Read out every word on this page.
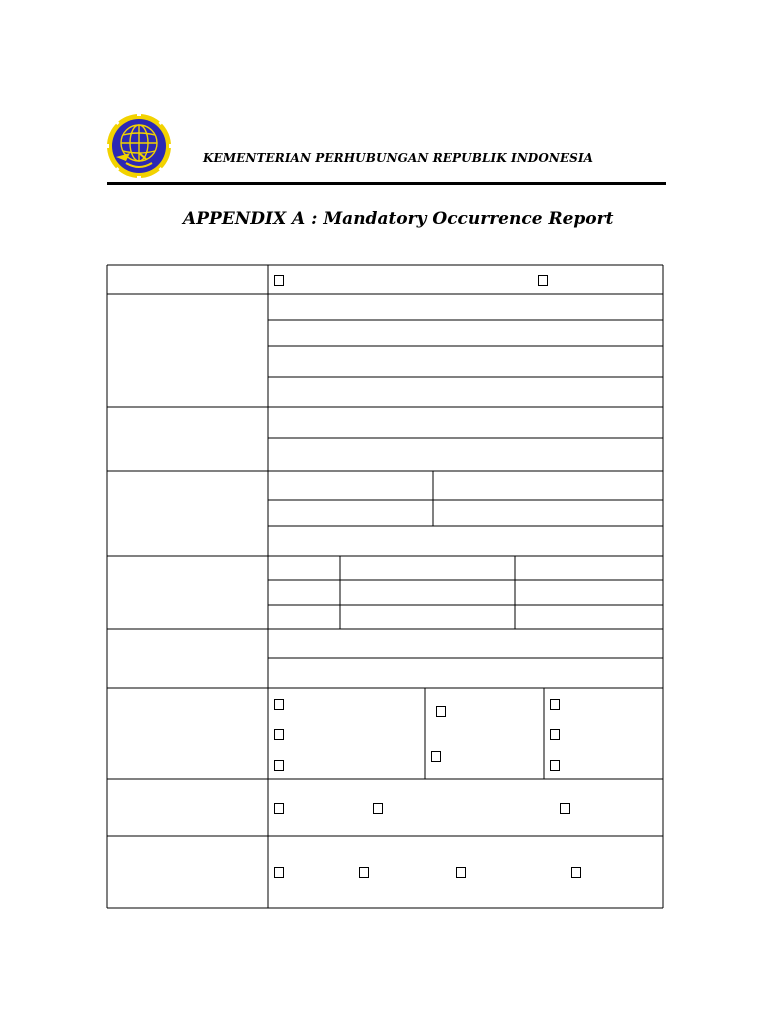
KEMENTERIAN PERHUBUNGAN REPUBLIK INDONESIA
APPENDIX A : Mandatory Occurrence Report
